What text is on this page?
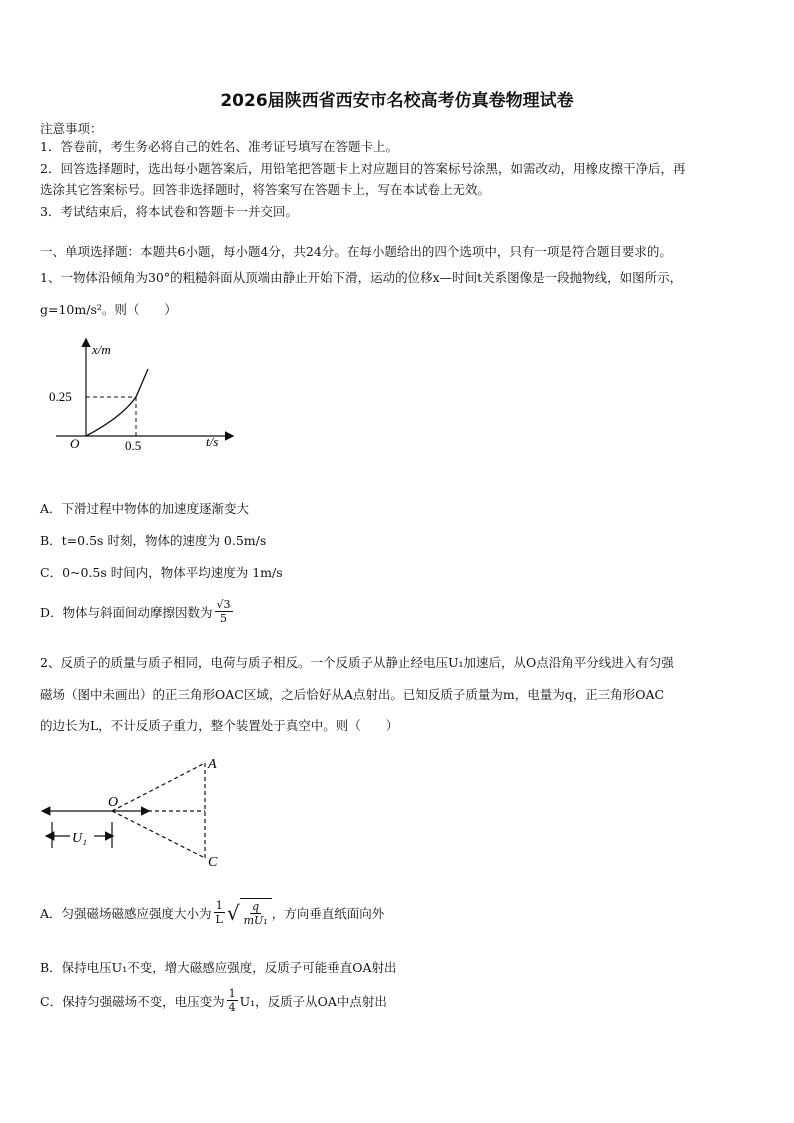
2026届陕西省西安市名校高考仿真卷物理试卷
注意事项：
1．答卷前，考生务必将自己的姓名、准考证号填写在答题卡上。
2．回答选择题时，选出每小题答案后，用铅笔把答题卡上对应题目的答案标号涂黑，如需改动，用橡皮擦干净后，再
选涂其它答案标号。回答非选择题时，将答案写在答题卡上，写在本试卷上无效。
3．考试结束后，将本试卷和答题卡一并交回。
一、单项选择题：本题共6小题，每小题4分，共24分。在每小题给出的四个选项中，只有一项是符合题目要求的。
1、一物体沿倾角为30°的粗糙斜面从顶端由静止开始下滑，运动的位移x—时间t关系图像是一段抛物线，如图所示，
g=10m/s²。则（　　）
x/m
t/s
O
0.25
0.5
A．下滑过程中物体的加速度逐渐变大
B．t=0.5s 时刻，物体的速度为 0.5m/s
C．0~0.5s 时间内，物体平均速度为 1m/s
D．物体与斜面间动摩擦因数为 $\frac{√3}{5}$
2、反质子的质量与质子相同，电荷与质子相反。一个反质子从静止经电压U₁加速后，从O点沿角平分线进入有匀强
磁场（图中未画出）的正三角形OAC区域，之后恰好从A点射出。已知反质子质量为m，电量为q，正三角形OAC
的边长为L，不计反质子重力，整个装置处于真空中。则（　　）
U₁
O
A
C
A．匀强磁场磁感应强度大小为 $\frac{1}{L}$ √ $\frac{q}{\text{mU₁}}$ ，方向垂直纸面向外
B．保持电压U₁不变，增大磁感应强度，反质子可能垂直OA射出
C．保持匀强磁场不变，电压变为 $\frac{1}{4} U_1$，反质子从OA中点射出
